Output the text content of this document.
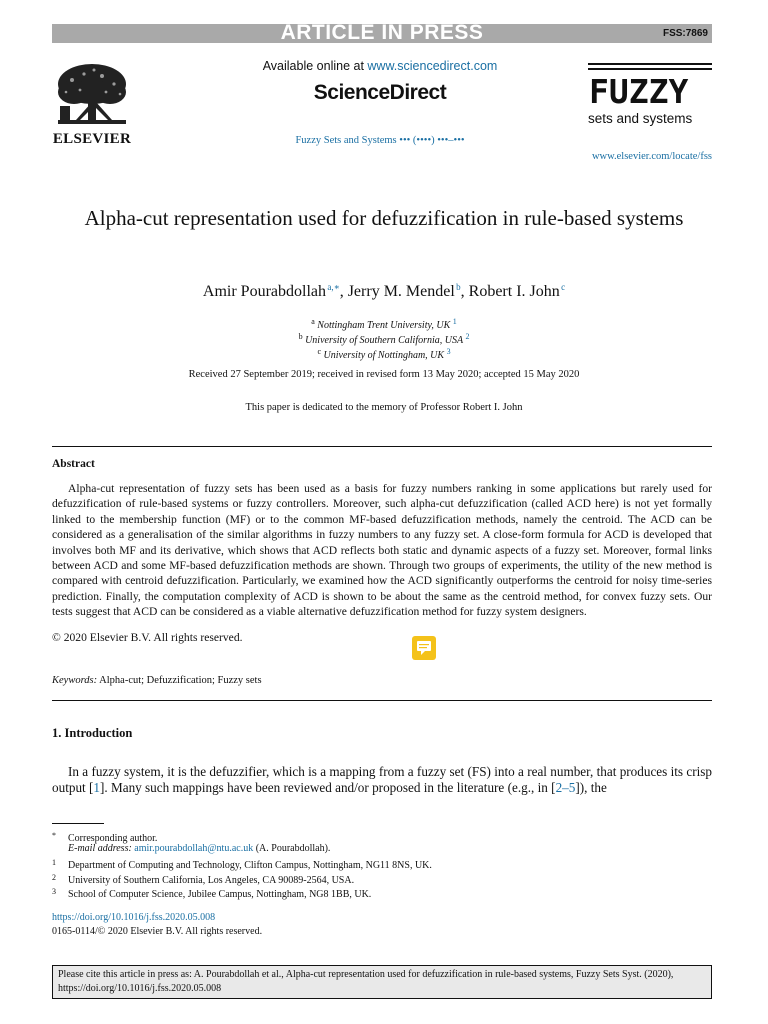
ARTICLE IN PRESS	FSS:7869
ELSEVIER
Available online at www.sciencedirect.com
ScienceDirect
Fuzzy Sets and Systems ••• (••••) •••–•••
FUZZY
sets and systems
www.elsevier.com/locate/fss
Alpha-cut representation used for defuzzification in rule-based systems
Amir Pourabdollah $^{a,∗}$, Jerry M. Mendel $^b$, Robert I. John $^c$
$^a$ Nottingham Trent University, UK $^1$
$^b$ University of Southern California, USA $^2$
$^c$ University of Nottingham, UK $^3$
Received 27 September 2019; received in revised form 13 May 2020; accepted 15 May 2020
This paper is dedicated to the memory of Professor Robert I. John
Abstract

Alpha-cut representation of fuzzy sets has been used as a basis for fuzzy numbers ranking in some applications but rarely used for defuzzification of rule-based systems or fuzzy controllers. Moreover, such alpha-cut defuzzification (called ACD here) is not yet formally linked to the membership function (MF) or to the common MF-based defuzzification methods, namely the centroid. The ACD can be considered as a generalisation of the similar algorithms in fuzzy numbers to any fuzzy set. A close-form formula for ACD is developed that involves both MF and its derivative, which shows that ACD reflects both static and dynamic aspects of a fuzzy set. Moreover, formal links between ACD and some MF-based defuzzification methods are shown. Through two groups of experiments, the utility of the new method is compared with centroid defuzzification. Particularly, we examined how the ACD significantly outperforms the centroid for noisy time-series prediction. Finally, the computation complexity of ACD is shown to be about the same as the centroid method, for convex fuzzy sets. Our tests suggest that ACD can be considered as a viable alternative defuzzification method for fuzzy system designers.

© 2020 Elsevier B.V. All rights reserved.
Keywords: Alpha-cut; Defuzzification; Fuzzy sets
1. Introduction

In a fuzzy system, it is the defuzzifier, which is a mapping from a fuzzy set (FS) into a real number, that produces its crisp output [1]. Many such mappings have been reviewed and/or proposed in the literature (e.g., in [2–5]), the

* Corresponding author.
E-mail address: amir.pourabdollah@ntu.ac.uk (A. Pourabdollah).
1 Department of Computing and Technology, Clifton Campus, Nottingham, NG11 8NS, UK.
2 University of Southern California, Los Angeles, CA 90089-2564, USA.
3 School of Computer Science, Jubilee Campus, Nottingham, NG8 1BB, UK.
https://doi.org/10.1016/j.fss.2020.05.008
0165-0114/© 2020 Elsevier B.V. All rights reserved.
Please cite this article in press as: A. Pourabdollah et al., Alpha-cut representation used for defuzzification in rule-based systems, Fuzzy Sets Syst. (2020), https://doi.org/10.1016/j.fss.2020.05.008
